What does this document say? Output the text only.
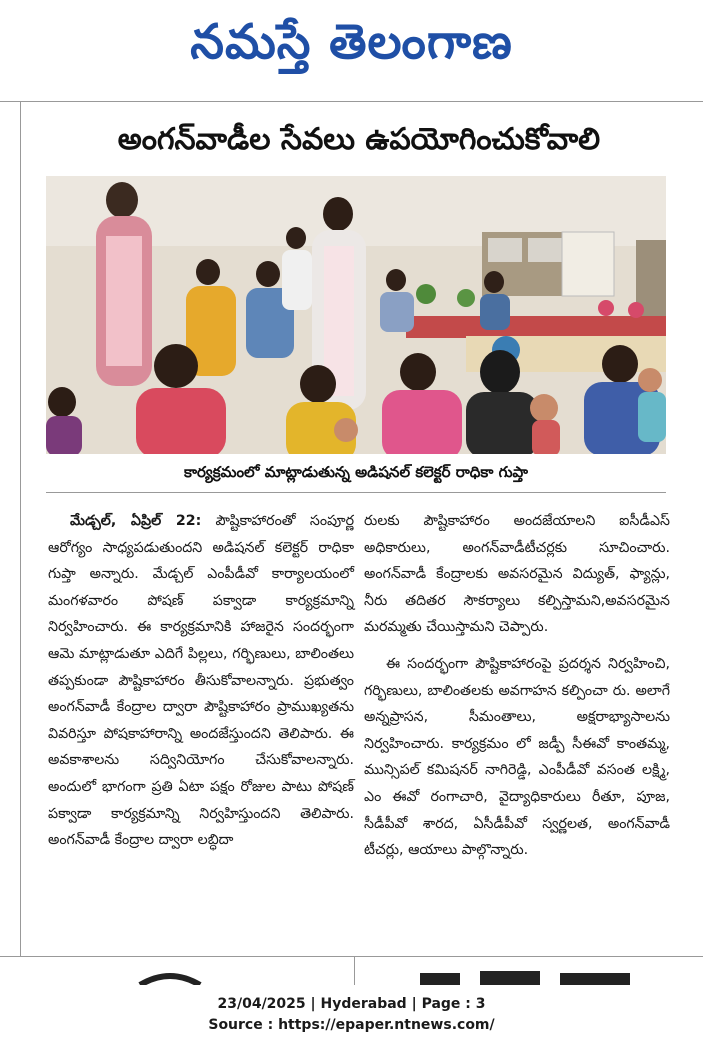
నమస్తే తెలంగాణ
అంగన్‌వాడీల సేవలు ఉపయోగించుకోవాలి
కార్యక్రమంలో మాట్లాడుతున్న అడిషనల్ కలెక్టర్ రాధికా గుప్తా

మేడ్చల్, ఏప్రిల్ 22: పౌష్టికాహారంతో సంపూర్ణ ఆరోగ్యం సాధ్యపడుతుందని అడిషనల్ కలెక్టర్ రాధికా గుప్తా అన్నారు. మేడ్చల్ ఎంపీడీవో కార్యాలయంలో మంగళవారం పోషణ్ పక్వాడా కార్యక్రమాన్ని నిర్వహించారు. ఈ కార్యక్రమానికి హాజరైన సందర్భంగా ఆమె మాట్లాడుతూ ఎదిగే పిల్లలు, గర్భిణులు, బాలింతలు తప్పకుండా పౌష్టికాహారం తీసుకోవాలన్నారు. ప్రభుత్వం అంగన్‌వాడీ కేంద్రాల ద్వారా పౌష్టికాహారం ప్రాముఖ్యతను వివరిస్తూ పోషకాహారాన్ని అందజేస్తుందని తెలిపారు. ఈ అవకాశాలను సద్వినియోగం చేసుకోవాలన్నారు. అందులో భాగంగా ప్రతి ఏటా పక్షం రోజుల పాటు పోషణ్ పక్వాడా కార్యక్రమాన్ని నిర్వహిస్తుందని తెలిపారు. అంగన్‌వాడీ కేంద్రాల ద్వారా లబ్ధిదా

రులకు పౌష్టికాహారం అందజేయాలని ఐసీడీఎస్ అధికారులు, అంగన్‌వాడీటీచర్లకు సూచించారు. అంగన్‌వాడీ కేంద్రాలకు అవసరమైన విద్యుత్, ఫ్యాన్లు, నీరు తదితర సౌకర్యాలు కల్పిస్తామని,అవసరమైన మరమ్మతు చేయిస్తామని చెప్పారు.

ఈ సందర్భంగా పౌష్టికాహారంపై ప్రదర్శన నిర్వహించి, గర్భిణులు, బాలింతలకు అవగాహన కల్పించా రు. అలాగే అన్నప్రాసన, సీమంతాలు, అక్షరాభ్యాసాలను నిర్వహించారు. కార్యక్రమం లో జడ్పీ సీఈవో కాంతమ్మ, మున్సిపల్ కమిషనర్ నాగిరెడ్డి, ఎంపీడీవో వసంత లక్ష్మి, ఎం ఈవో రంగాచారి, వైద్యాధికారులు రీతూ, పూజ, సీడీపీవో శారద, ఏసీడీపీవో స్వర్ణలత, అంగన్‌వాడీ టీచర్లు, ఆయాలు పాల్గొన్నారు.

23/04/2025 | Hyderabad | Page : 3
Source : https://epaper.ntnews.com/
